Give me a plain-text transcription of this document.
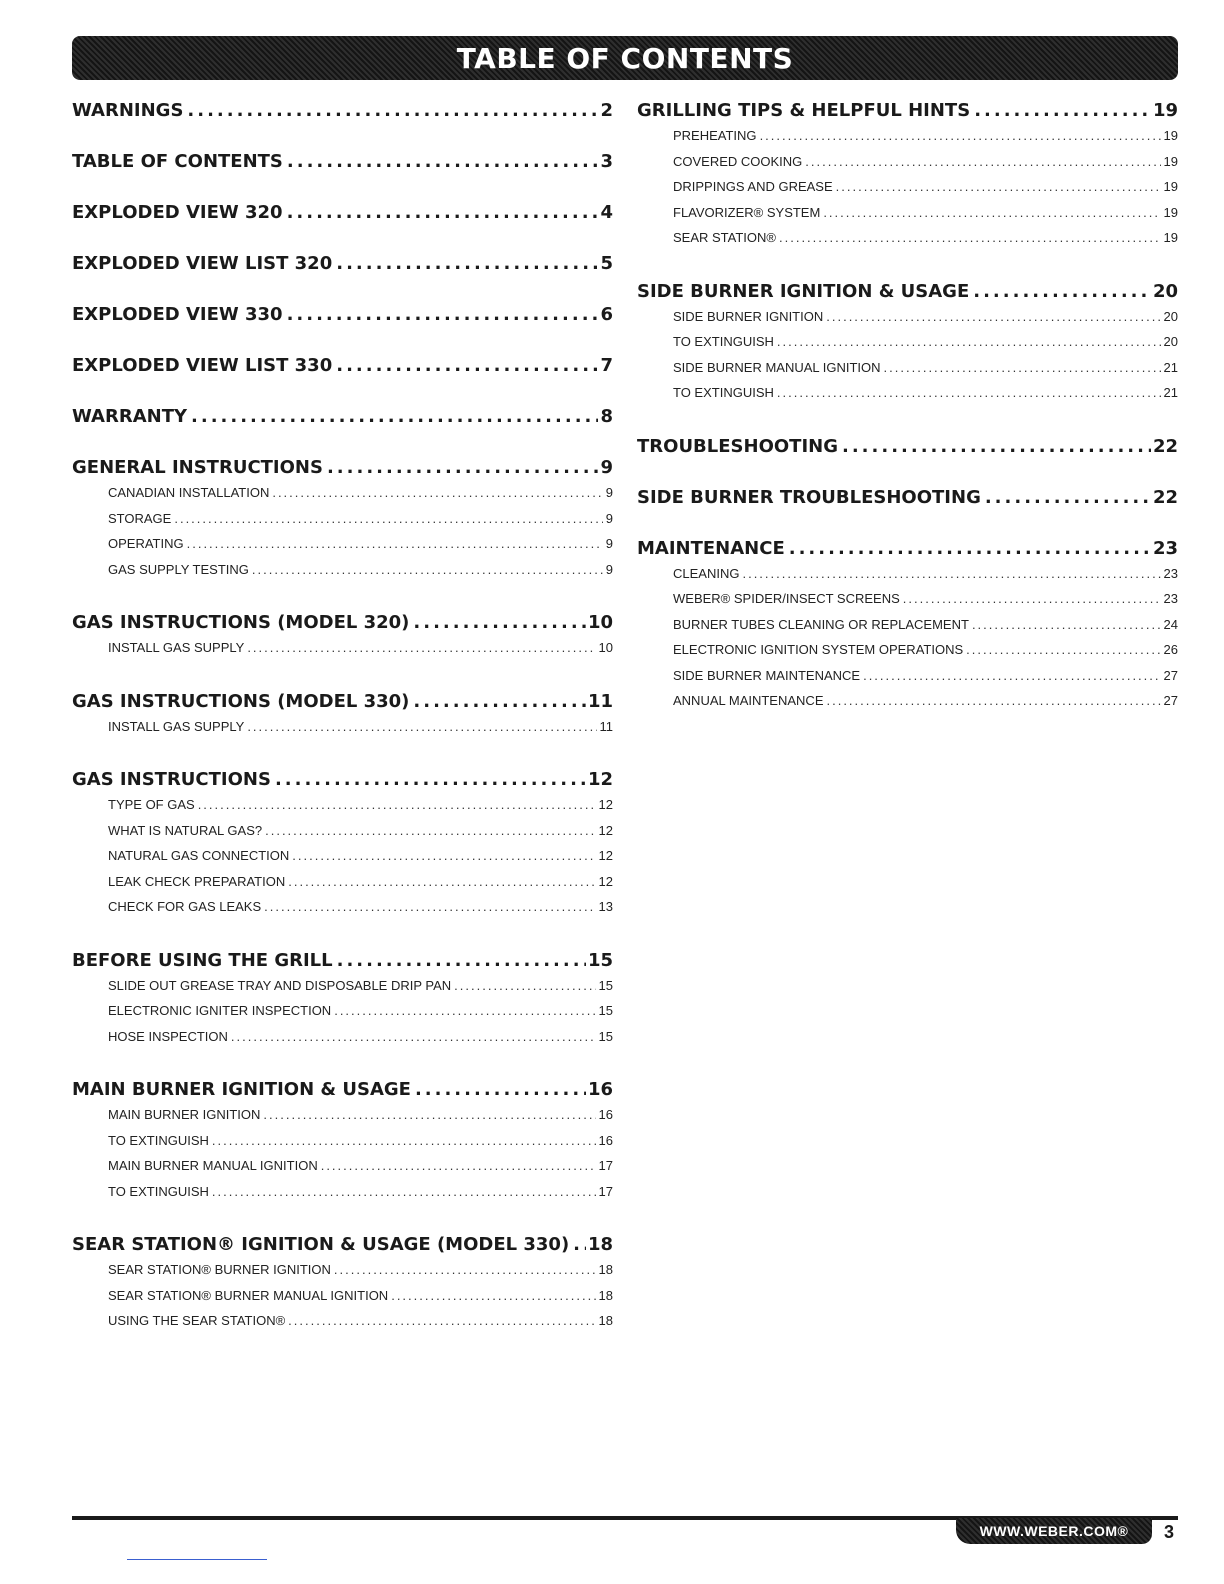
TABLE OF CONTENTS
WARNINGS .....	2
TABLE OF CONTENTS .....	3
EXPLODED VIEW 320 .....	4
EXPLODED VIEW LIST 320 .....	5
EXPLODED VIEW 330 .....	6
EXPLODED VIEW LIST 330 .....	7
WARRANTY .....	8
GENERAL INSTRUCTIONS .....	9
CANADIAN INSTALLATION .....	9
STORAGE .....	9
OPERATING .....	9
GAS SUPPLY TESTING .....	9
GAS INSTRUCTIONS (MODEL 320) .....	10
INSTALL GAS SUPPLY .....	10
GAS INSTRUCTIONS (MODEL 330) .....	11
INSTALL GAS SUPPLY .....	11
GAS INSTRUCTIONS .....	12
TYPE OF GAS .....	12
WHAT IS NATURAL GAS? .....	12
NATURAL GAS CONNECTION .....	12
LEAK CHECK PREPARATION .....	12
CHECK FOR GAS LEAKS .....	13
BEFORE USING THE GRILL .....	15
SLIDE OUT GREASE TRAY AND DISPOSABLE DRIP PAN .....	15
ELECTRONIC IGNITER INSPECTION .....	15
HOSE INSPECTION .....	15
MAIN BURNER IGNITION & USAGE .....	16
MAIN BURNER IGNITION .....	16
TO EXTINGUISH .....	16
MAIN BURNER MANUAL IGNITION .....	17
TO EXTINGUISH .....	17
SEAR STATION® IGNITION & USAGE (MODEL 330) ..... 18
SEAR STATION® BURNER IGNITION .....	18
SEAR STATION® BURNER MANUAL IGNITION .....	18
USING THE SEAR STATION® .....	18
GRILLING TIPS & HELPFUL HINTS .....	19
PREHEATING .....	19
COVERED COOKING .....	19
DRIPPINGS AND GREASE .....	19
FLAVORIZER® SYSTEM .....	19
SEAR STATION® .....	19
SIDE BURNER IGNITION & USAGE .....	20
SIDE BURNER IGNITION .....	20
TO EXTINGUISH .....	20
SIDE BURNER MANUAL IGNITION .....	21
TO EXTINGUISH .....	21
TROUBLESHOOTING .....	22
SIDE BURNER TROUBLESHOOTING .....	22
MAINTENANCE .....	23
CLEANING .....	23
WEBER® SPIDER/INSECT SCREENS .....	23
BURNER TUBES CLEANING OR REPLACEMENT .....	24
ELECTRONIC IGNITION SYSTEM OPERATIONS .....	26
SIDE BURNER MAINTENANCE .....	27
ANNUAL MAINTENANCE .....	27
WWW.WEBER.COM® 3
